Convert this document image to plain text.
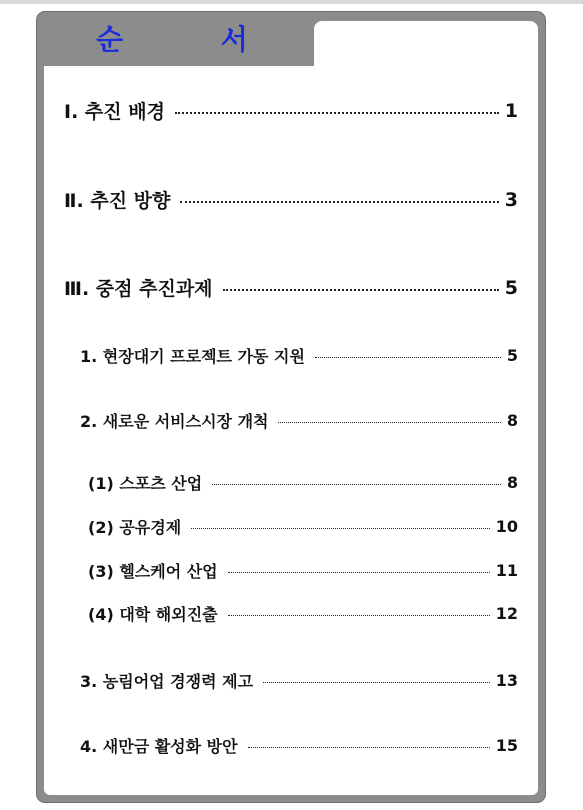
순 서
Ⅰ. 추진 배경	1
Ⅱ. 추진 방향	3
Ⅲ. 중점 추진과제	5
1. 현장대기 프로젝트 가동 지원	5
2. 새로운 서비스시장 개척	8
(1) 스포츠 산업	8
(2) 공유경제	10
(3) 헬스케어 산업	11
(4) 대학 해외진출	12
3. 농림어업 경쟁력 제고	13
4. 새만금 활성화 방안	15
